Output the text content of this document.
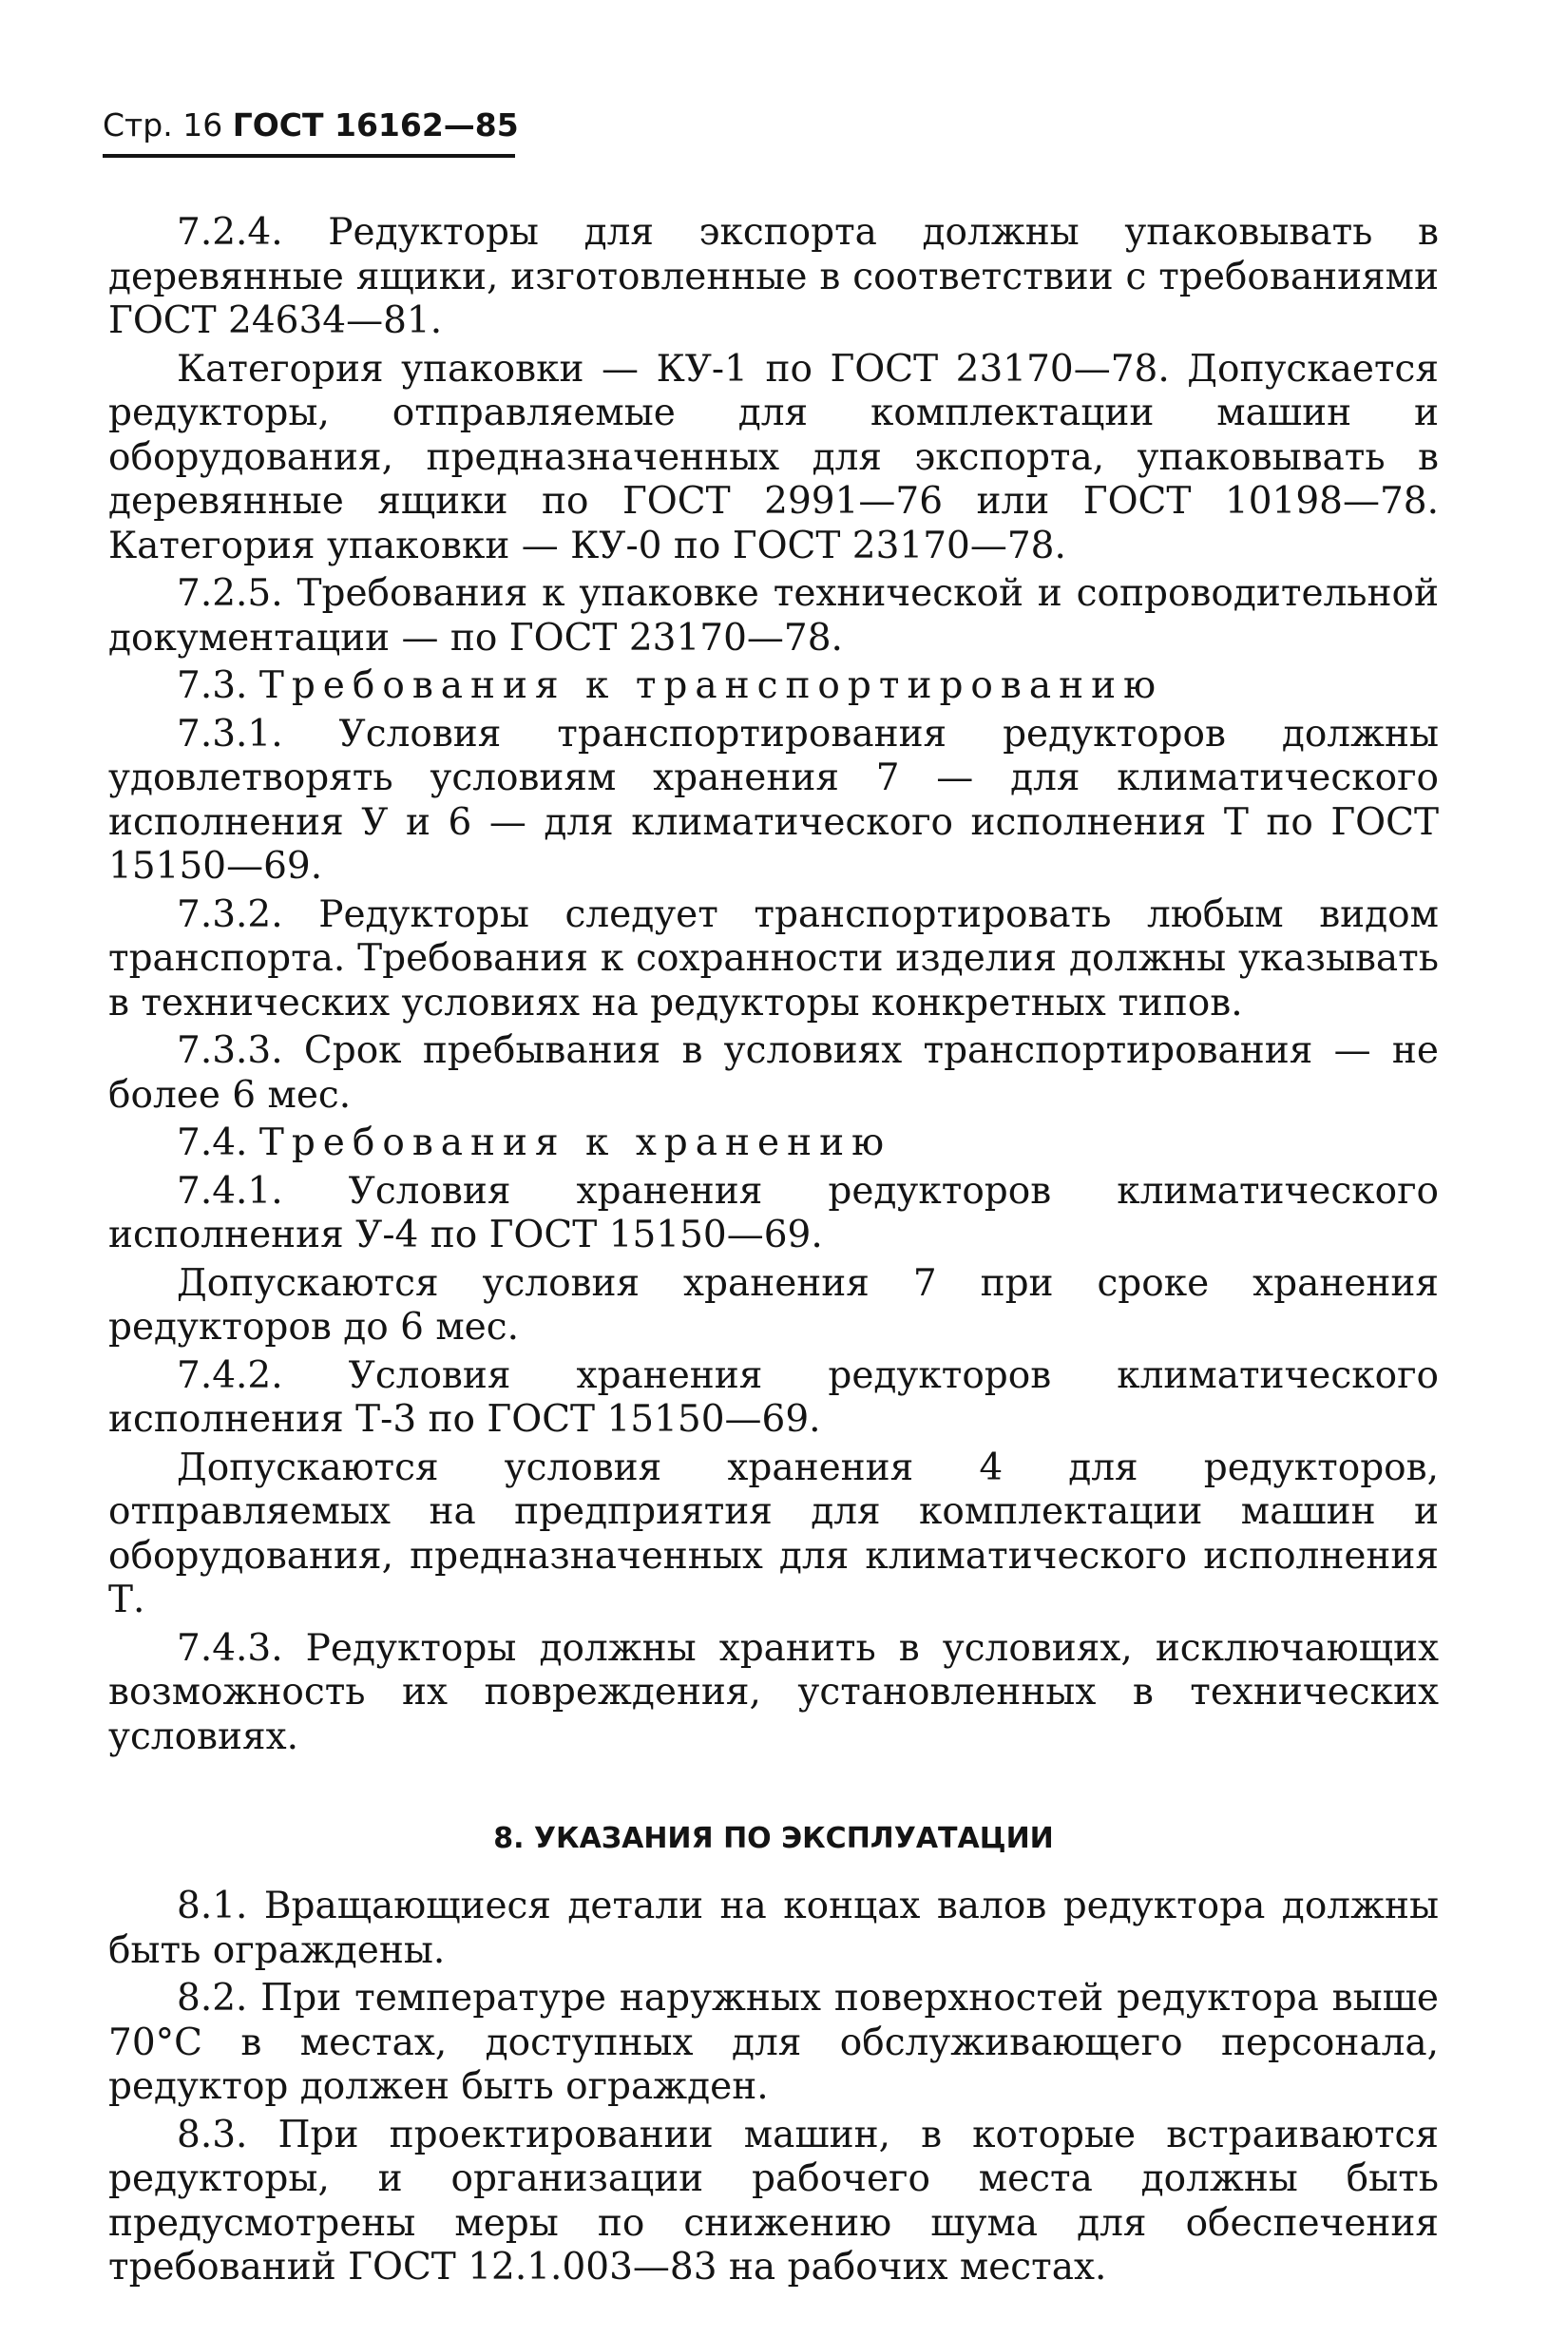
Стр. 16 ГОСТ 16162—85

7.2.4. Редукторы для экспорта должны упаковывать в деревянные ящики, изготовленные в соответствии с требованиями ГОСТ 24634—81.

Категория упаковки — КУ-1 по ГОСТ 23170—78. Допускается редукторы, отправляемые для комплектации машин и оборудования, предназначенных для экспорта, упаковывать в деревянные ящики по ГОСТ 2991—76 или ГОСТ 10198—78. Категория упаковки — КУ-0 по ГОСТ 23170—78.

7.2.5. Требования к упаковке технической и сопроводительной документации — по ГОСТ 23170—78.

7.3. Требования к транспортированию

7.3.1. Условия транспортирования редукторов должны удовлетворять условиям хранения 7 — для климатического исполнения У и 6 — для климатического исполнения Т по ГОСТ 15150—69.

7.3.2. Редукторы следует транспортировать любым видом транспорта. Требования к сохранности изделия должны указывать в технических условиях на редукторы конкретных типов.

7.3.3. Срок пребывания в условиях транспортирования — не более 6 мес.

7.4. Требования к хранению

7.4.1. Условия хранения редукторов климатического исполнения У-4 по ГОСТ 15150—69.

Допускаются условия хранения 7 при сроке хранения редукторов до 6 мес.

7.4.2. Условия хранения редукторов климатического исполнения Т-3 по ГОСТ 15150—69.

Допускаются условия хранения 4 для редукторов, отправляемых на предприятия для комплектации машин и оборудования, предназначенных для климатического исполнения Т.

7.4.3. Редукторы должны хранить в условиях, исключающих возможность их повреждения, установленных в технических условиях.

8. УКАЗАНИЯ ПО ЭКСПЛУАТАЦИИ

8.1. Вращающиеся детали на концах валов редуктора должны быть ограждены.

8.2. При температуре наружных поверхностей редуктора выше 70°С в местах, доступных для обслуживающего персонала, редуктор должен быть огражден.

8.3. При проектировании машин, в которые встраиваются редукторы, и организации рабочего места должны быть предусмотрены меры по снижению шума для обеспечения требований ГОСТ 12.1.003—83 на рабочих местах.
